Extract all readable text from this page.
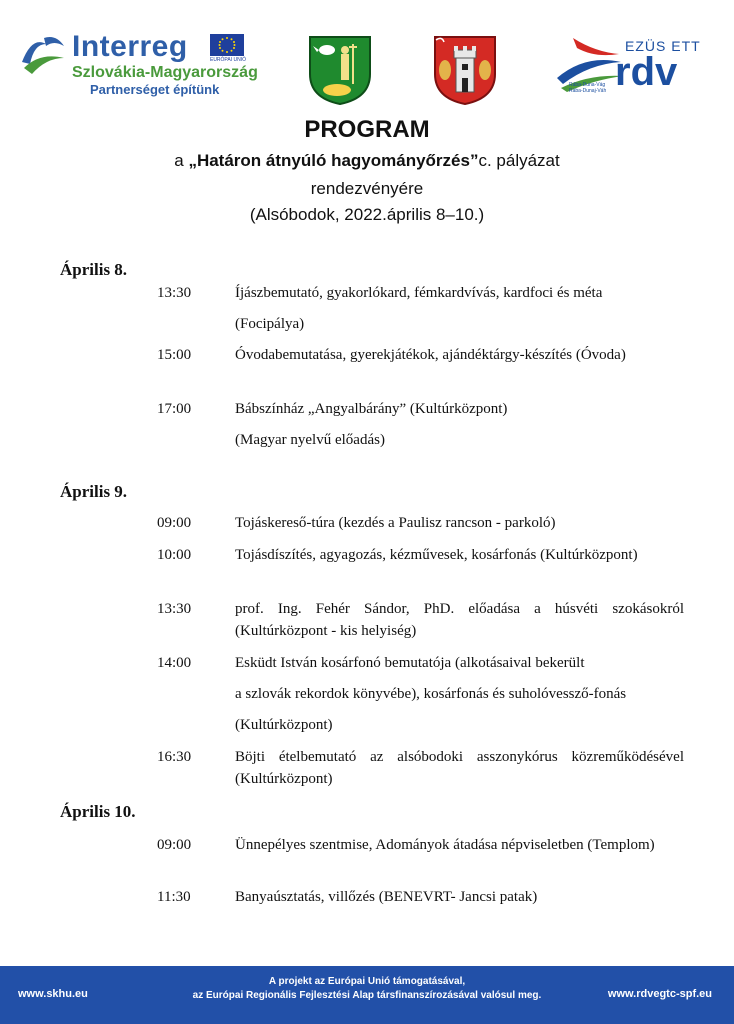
Interreg	EURÓPAI UNIÓ
Szlovákia-Magyarország
Partnerséget építünk
EZÜS ETT
rdv
Rába-Duna-Vág
Rába-Dunaj-Váh
PROGRAM
a „Határon átnyúló hagyományőrzés”c. pályázat
rendezvényére
(Alsóbodok, 2022.április 8–10.)
Április 8.
13:30	Íjászbemutató, gyakorlókard, fémkardvívás, kardfoci és méta

(Focipálya)

15:00	Óvodabemutatása, gyerekjátékok, ajándéktárgy-készítés (Óvoda)
17:00	Bábszínház „Angyalbárány” (Kultúrközpont)

(Magyar nyelvű előadás)

Április 9.
09:00	Tojáskereső-túra (kezdés a Paulisz rancson - parkoló)
10:00	Tojásdíszítés, agyagozás, kézművesek, kosárfonás (Kultúrközpont)
13:30	prof. Ing. Fehér Sándor, PhD. előadása a húsvéti szokásokról (Kultúrközpont - kis helyiség)
14:00	Esküdt István kosárfonó bemutatója (alkotásaival bekerült

a szlovák rekordok könyvébe), kosárfonás és suholóvessző-fonás

(Kultúrközpont)

16:30	Böjti ételbemutató az alsóbodoki asszonykórus közreműködésével (Kultúrközpont)
Április 10.
09:00	Ünnepélyes szentmise, Adományok átadása népviseletben (Templom)
11:30	Banyaúsztatás, villőzés (BENEVRT- Jancsi patak)
www.skhu.eu
A projekt az Európai Unió támogatásával,
az Európai Regionális Fejlesztési Alap társfinanszírozásával valósul meg.	www.rdvegtc-spf.eu
